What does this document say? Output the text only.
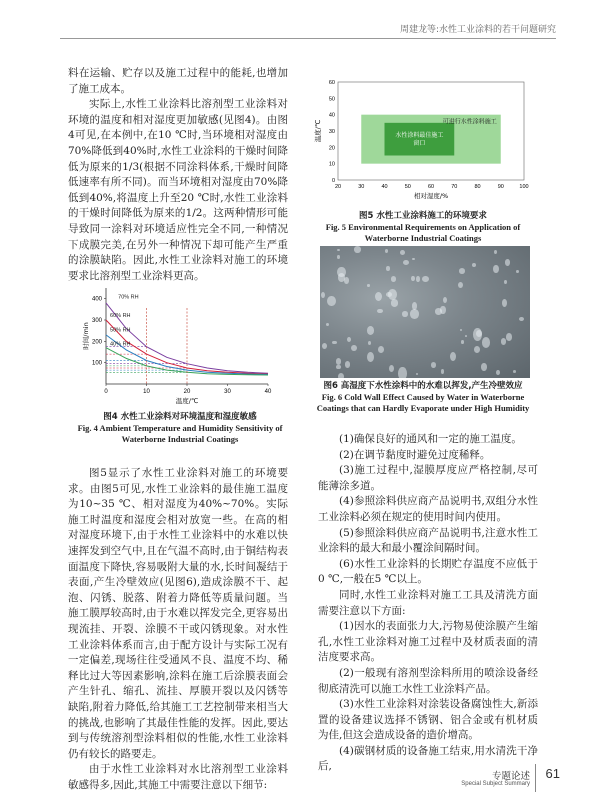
周建龙等:水性工业涂料的若干问题研究

料在运输、贮存以及施工过程中的能耗,也增加了施工成本。

实际上,水性工业涂料比溶剂型工业涂料对环境的温度和相对湿度更加敏感(见图4)。由图4可见,在本例中,在10 ℃时,当环境相对湿度由70%降低到40%时,水性工业涂料的干燥时间降低为原来的1/3(根据不同涂料体系,干燥时间降低速率有所不同)。而当环境相对湿度由70%降低到40%,将温度上升至20 ℃时,水性工业涂料的干燥时间降低为原来的1/2。这两种情形可能导致同一涂料对环境适应性完全不同,一种情况下成膜完美,在另外一种情况下却可能产生严重的涂膜缺陷。因此,水性工业涂料对施工的环境要求比溶剂型工业涂料更高。

0	10	20	30	40
100
200
300
400
温度/℃
时间/min
70% RH
60% RH
50% RH
40% RH
图4 水性工业涂料对环境温度和湿度敏感
Fig. 4 Ambient Temperature and Humidity Sensitivity of
Waterborne Industrial Coatings

图5显示了水性工业涂料对施工的环境要求。由图5可见,水性工业涂料的最佳施工温度为10~35 ℃、相对湿度为40%~70%。实际施工时温度和湿度会相对放宽一些。在高的相对湿度环境下,由于水性工业涂料中的水难以快速挥发到空气中,且在气温不高时,由于铜结构表面温度下降快,容易吸附大量的水,长时间凝结于表面,产生冷壁效应(见图6),造成涂膜不干、起泡、闪锈、脱落、附着力降低等质量问题。当施工膜厚较高时,由于水难以挥发完全,更容易出现流挂、开裂、涂膜不干或闪锈现象。对水性工业涂料体系而言,由于配方设计与实际工况有一定偏差,现场往往受通风不良、温度不均、稀释比过大等因素影响,涂料在施工后涂膜表面会产生针孔、缩孔、流挂、厚膜开裂以及闪锈等缺陷,附着力降低,给其施工工艺控制带来相当大的挑战,也影响了其最佳性能的发挥。因此,要达到与传统溶剂型涂料相似的性能,水性工业涂料仍有较长的路要走。

由于水性工业涂料对水比溶剂型工业涂料敏感得多,因此,其施工中需要注意以下细节:

可进行水性涂料施工
水性涂料最佳施工
窗口
20	30	40	50	60	70	80	90	100
0
10
20
30
40
50
60
相对湿度/%
温度/℃
图5 水性工业涂料施工的环境要求
Fig. 5 Environmental Requirements on Application of
Waterborne Industrial Coatings
图6 高湿度下水性涂料中的水难以挥发,产生冷壁效应
Fig. 6 Cold Wall Effect Caused by Water in Waterborne
Coatings that can Hardly Evaporate under High Humidity

(1)确保良好的通风和一定的施工温度。

(2)在调节黏度时避免过度稀释。

(3)施工过程中,湿膜厚度应严格控制,尽可能薄涂多道。

(4)参照涂料供应商产品说明书,双组分水性工业涂料必须在规定的使用时间内使用。

(5)参照涂料供应商产品说明书,注意水性工业涂料的最大和最小覆涂间隔时间。

(6)水性工业涂料的长期贮存温度不应低于0 ℃,一般在5 ℃以上。

同时,水性工业涂料对施工工具及清洗方面需要注意以下方面:

(1)因水的表面张力大,污物易使涂膜产生缩孔,水性工业涂料对施工过程中及材质表面的清洁度要求高。

(2)一般现有溶剂型涂料所用的喷涂设备经彻底清洗可以施工水性工业涂料产品。

(3)水性工业涂料对涂装设备腐蚀性大,新添置的设备建议选择不锈钢、铝合金或有机材质为佳,但这会造成设备的造价增高。

(4)碳钢材质的设备施工结束,用水清洗干净后,

专题论述
Special Subject Summary
61
